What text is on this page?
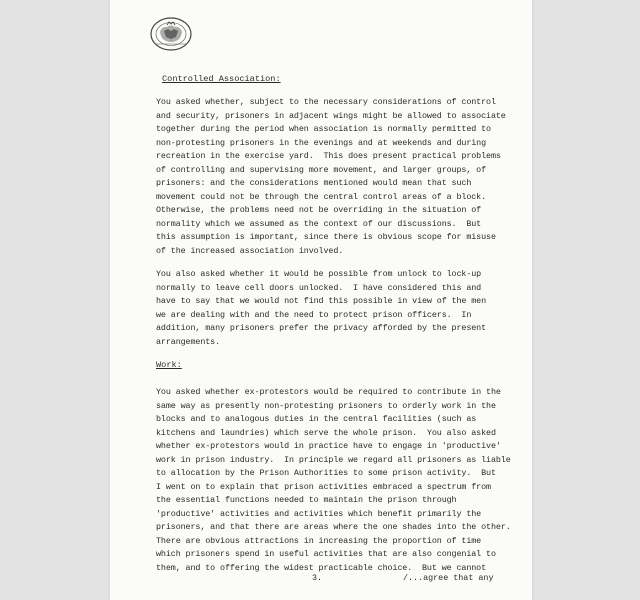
Controlled Association:
You asked whether, subject to the necessary considerations of control
and security, prisoners in adjacent wings might be allowed to associate
together during the period when association is normally permitted to
non-protesting prisoners in the evenings and at weekends and during
recreation in the exercise yard.  This does present practical problems
of controlling and supervising more movement, and larger groups, of
prisoners: and the considerations mentioned would mean that such
movement could not be through the central control areas of a block.
Otherwise, the problems need not be overriding in the situation of
normality which we assumed as the context of our discussions.  But
this assumption is important, since there is obvious scope for misuse
of the increased association involved.
You also asked whether it would be possible from unlock to lock-up
normally to leave cell doors unlocked.  I have considered this and
have to say that we would not find this possible in view of the men
we are dealing with and the need to protect prison officers.  In
addition, many prisoners prefer the privacy afforded by the present
arrangements.
Work:
You asked whether ex-protestors would be required to contribute in the
same way as presently non-protesting prisoners to orderly work in the
blocks and to analogous duties in the central facilities (such as
kitchens and laundries) which serve the whole prison.  You also asked
whether ex-protestors would in practice have to engage in 'productive'
work in prison industry.  In principle we regard all prisoners as liable
to allocation by the Prison Authorities to some prison activity.  But
I went on to explain that prison activities embraced a spectrum from
the essential functions needed to maintain the prison through
'productive' activities and activities which benefit primarily the
prisoners, and that there are areas where the one shades into the other.
There are obvious attractions in increasing the proportion of time
which prisoners spend in useful activities that are also congenial to
them, and to offering the widest practicable choice.  But we cannot
3.	/...agree that any
